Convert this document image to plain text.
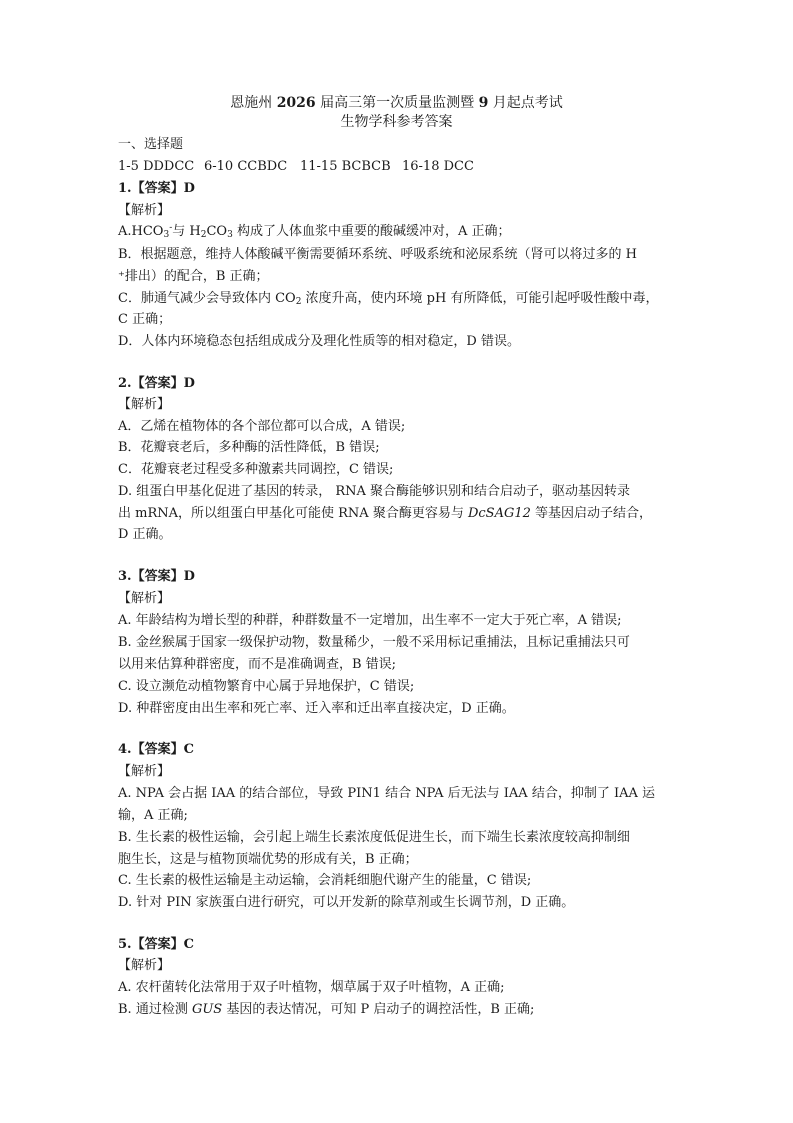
恩施州 2026 届高三第一次质量监测暨 9 月起点考试
生物学科参考答案
一、选择题
1-5 DDDCC 6-10 CCBDC 11-15 BCBCB 16-18 DCC
1.【答案】D
【解析】
$A.HCO_3^-$与 $H_2CO_3$ 构成了人体血浆中重要的酸碱缓冲对，A 正确；
B．根据题意，维持人体酸碱平衡需要循环系统、呼吸系统和泌尿系统（肾可以将过多的 H
⁺排出）的配合，B 正确；
C．肺通气减少会导致体内 $CO_2$ 浓度升高，使内环境 pH 有所降低，可能引起呼吸性酸中毒，
C 正确；
D．人体内环境稳态包括组成成分及理化性质等的相对稳定，D 错误。
2.【答案】D
【解析】
A．乙烯在植物体的各个部位都可以合成，A 错误;
B．花瓣衰老后，多种酶的活性降低，B 错误;
C．花瓣衰老过程受多种激素共同调控，C 错误;
D. 组蛋白甲基化促进了基因的转录， RNA 聚合酶能够识别和结合启动子，驱动基因转录
出 mRNA，所以组蛋白甲基化可能使 RNA 聚合酶更容易与 DcSAG12 等基因启动子结合，
D 正确。
3.【答案】D
【解析】
A. 年龄结构为增长型的种群，种群数量不一定增加，出生率不一定大于死亡率，A 错误;
B. 金丝猴属于国家一级保护动物，数量稀少，一般不采用标记重捕法，且标记重捕法只可
以用来估算种群密度，而不是准确调查，B 错误;
C. 设立濒危动植物繁育中心属于异地保护，C 错误;
D. 种群密度由出生率和死亡率、迁入率和迁出率直接决定，D 正确。
4.【答案】C
【解析】
A. NPA 会占据 IAA 的结合部位，导致 PIN1 结合 NPA 后无法与 IAA 结合，抑制了 IAA 运
输，A 正确;
B. 生长素的极性运输，会引起上端生长素浓度低促进生长，而下端生长素浓度较高抑制细
胞生长，这是与植物顶端优势的形成有关，B 正确；
C. 生长素的极性运输是主动运输，会消耗细胞代谢产生的能量，C 错误;
D. 针对 PIN 家族蛋白进行研究，可以开发新的除草剂或生长调节剂，D 正确。
5.【答案】C
【解析】
A. 农杆菌转化法常用于双子叶植物，烟草属于双子叶植物，A 正确;
B. 通过检测 GUS 基因的表达情况，可知 P 启动子的调控活性，B 正确;
